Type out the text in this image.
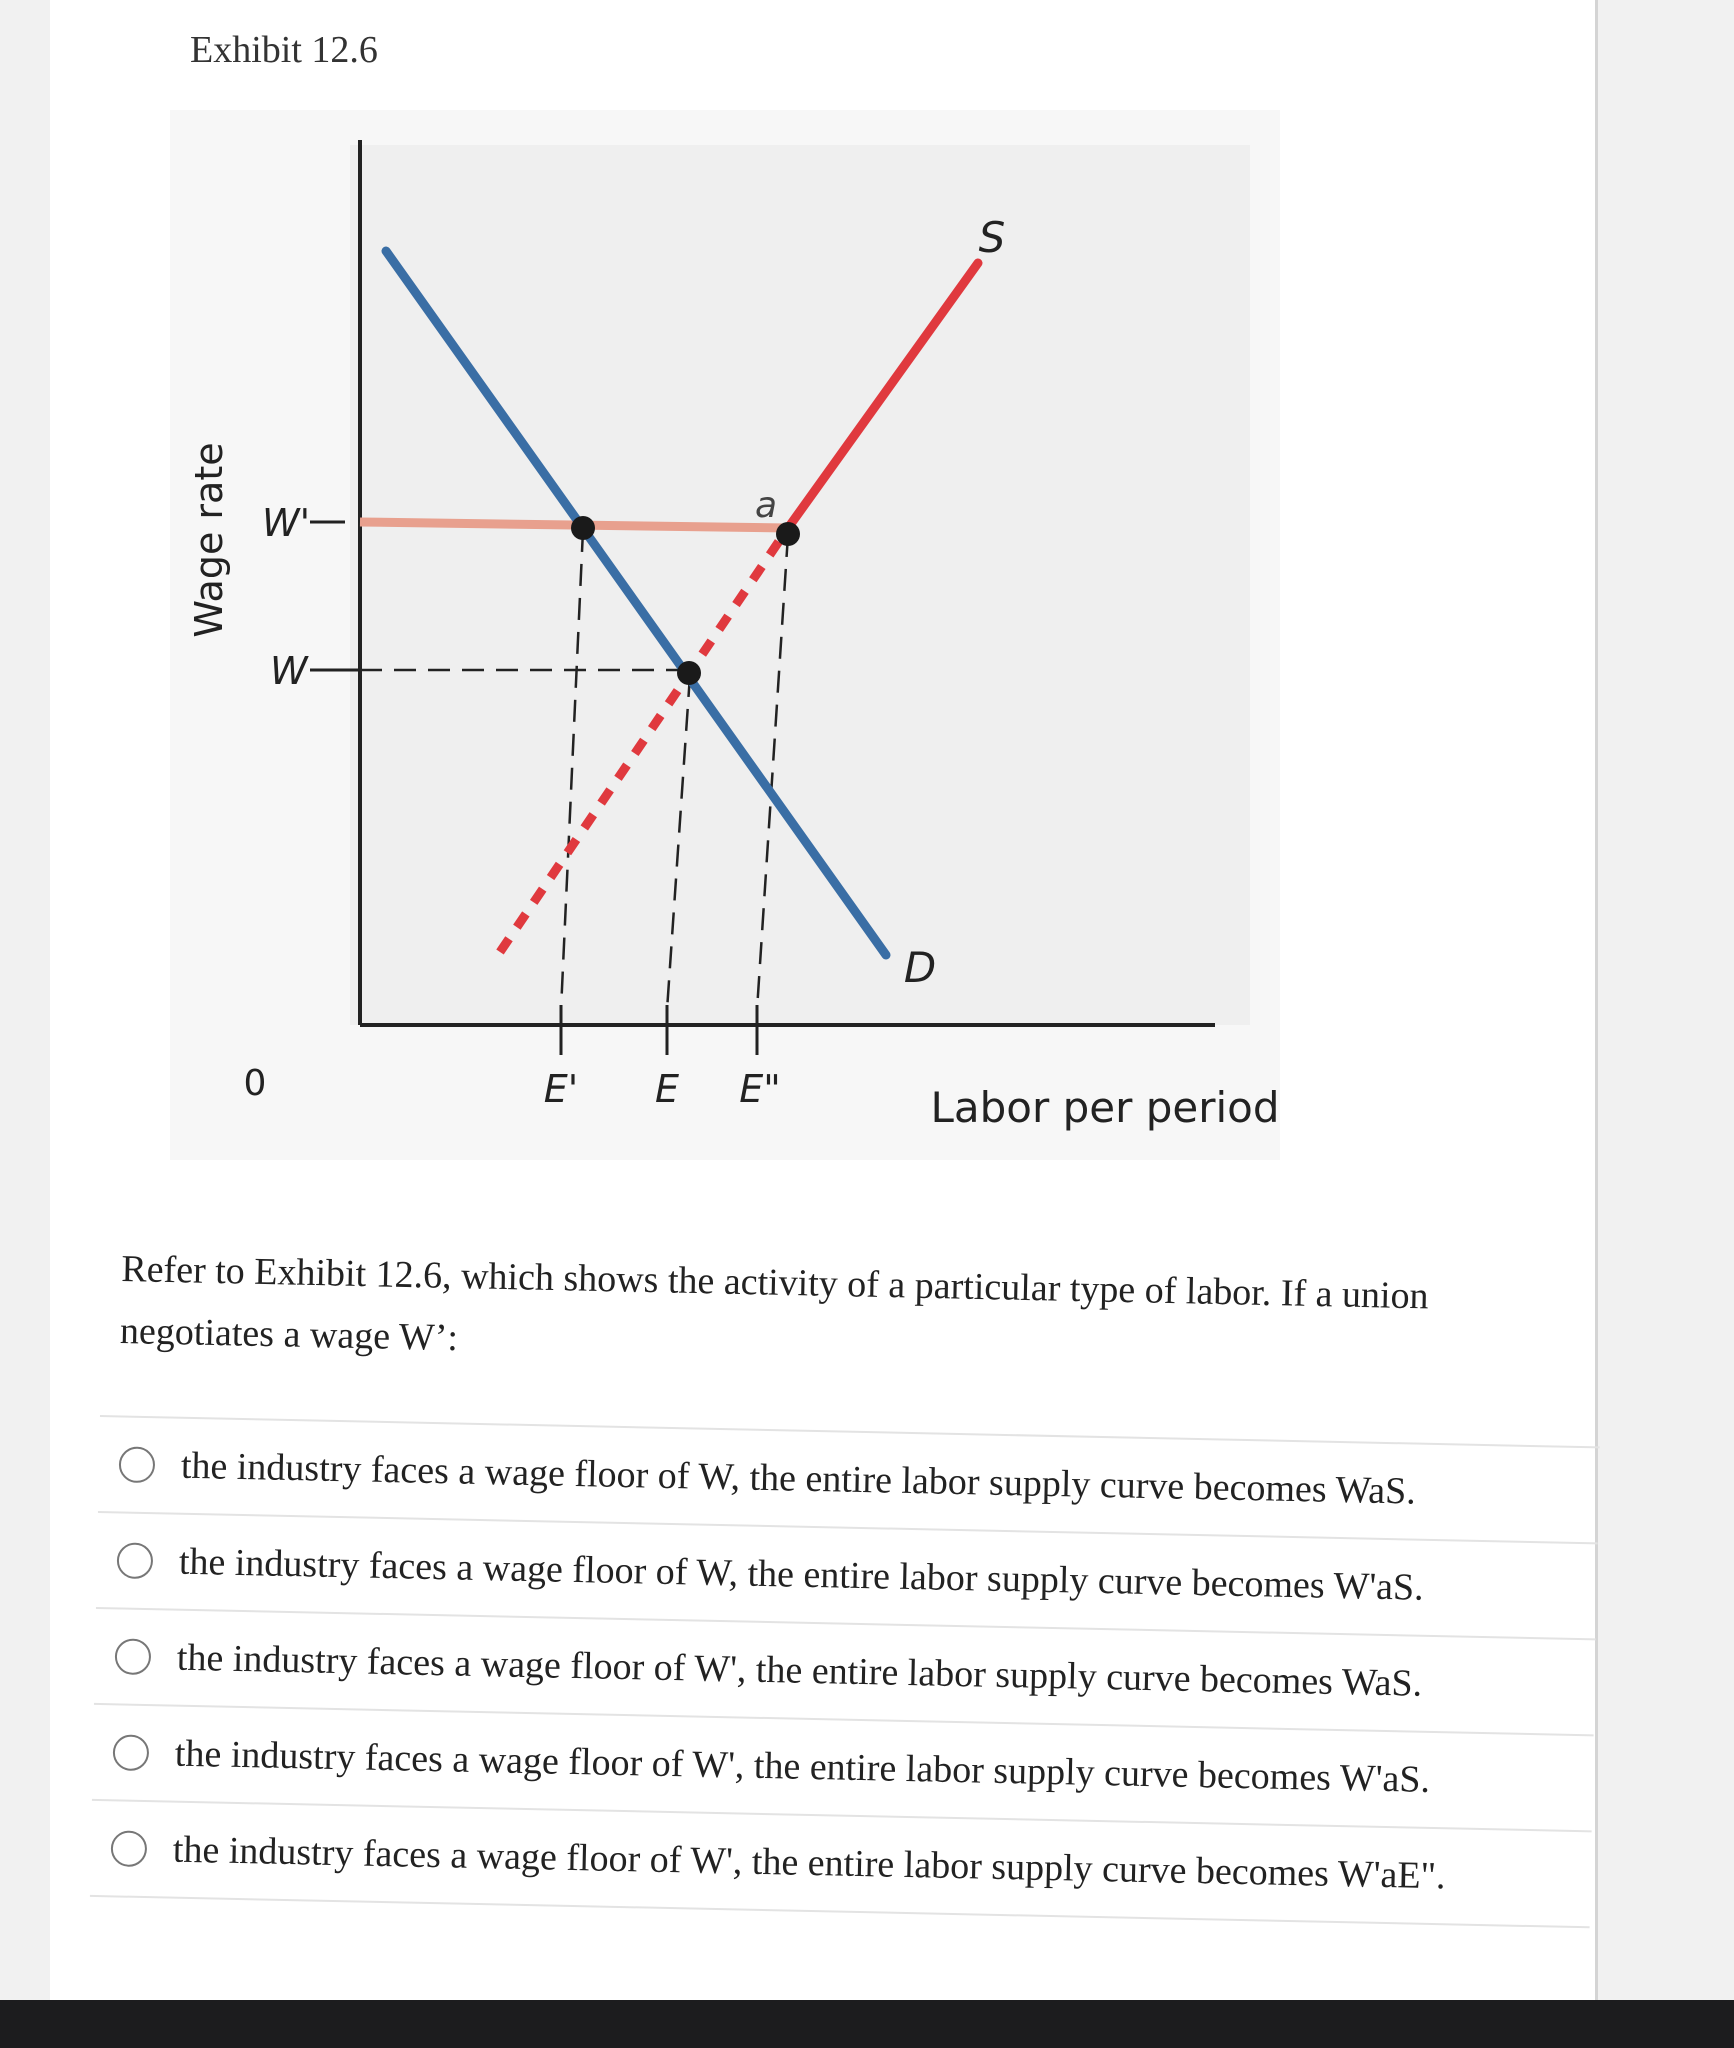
Exhibit 12.6
Wage rate
Labor per period
0
W'
W
E' E E"
S
D
a
Refer to Exhibit 12.6, which shows the activity of a particular type of labor. If a union negotiates a wage W’:
the industry faces a wage floor of W, the entire labor supply curve becomes WaS.
the industry faces a wage floor of W, the entire labor supply curve becomes W'aS.
the industry faces a wage floor of W', the entire labor supply curve becomes WaS.
the industry faces a wage floor of W', the entire labor supply curve becomes W'aS.
the industry faces a wage floor of W', the entire labor supply curve becomes W'aE".
